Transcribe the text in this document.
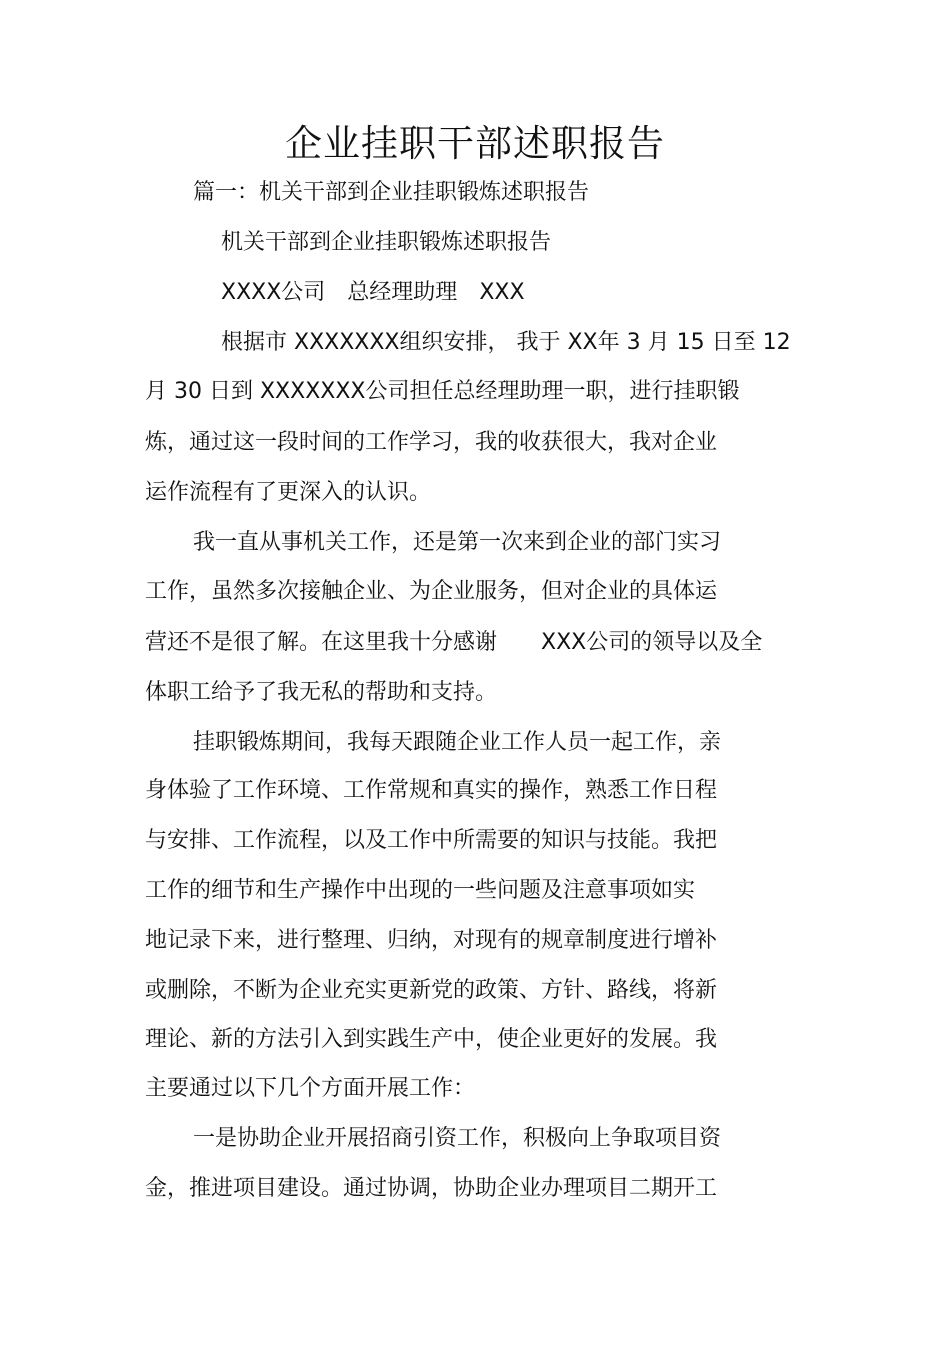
企业挂职干部述职报告

篇一：机关干部到企业挂职锻炼述职报告

机关干部到企业挂职锻炼述职报告

XXXX公司 总经理助理 XXX

根据市 XXXXXXX组织安排， 我于 XX年 3 月 15 日至 12

月 30 日到 XXXXXXX公司担任总经理助理一职，进行挂职锻

炼，通过这一段时间的工作学习，我的收获很大，我对企业

运作流程有了更深入的认识。

我一直从事机关工作，还是第一次来到企业的部门实习

工作，虽然多次接触企业、为企业服务，但对企业的具体运

营还不是很了解。在这里我十分感谢 XXX公司的领导以及全

体职工给予了我无私的帮助和支持。

挂职锻炼期间，我每天跟随企业工作人员一起工作，亲

身体验了工作环境、工作常规和真实的操作，熟悉工作日程

与安排、工作流程，以及工作中所需要的知识与技能。我把

工作的细节和生产操作中出现的一些问题及注意事项如实

地记录下来，进行整理、归纳，对现有的规章制度进行增补

或删除，不断为企业充实更新党的政策、方针、路线，将新

理论、新的方法引入到实践生产中，使企业更好的发展。我

主要通过以下几个方面开展工作：

一是协助企业开展招商引资工作，积极向上争取项目资

金，推进项目建设。通过协调，协助企业办理项目二期开工
